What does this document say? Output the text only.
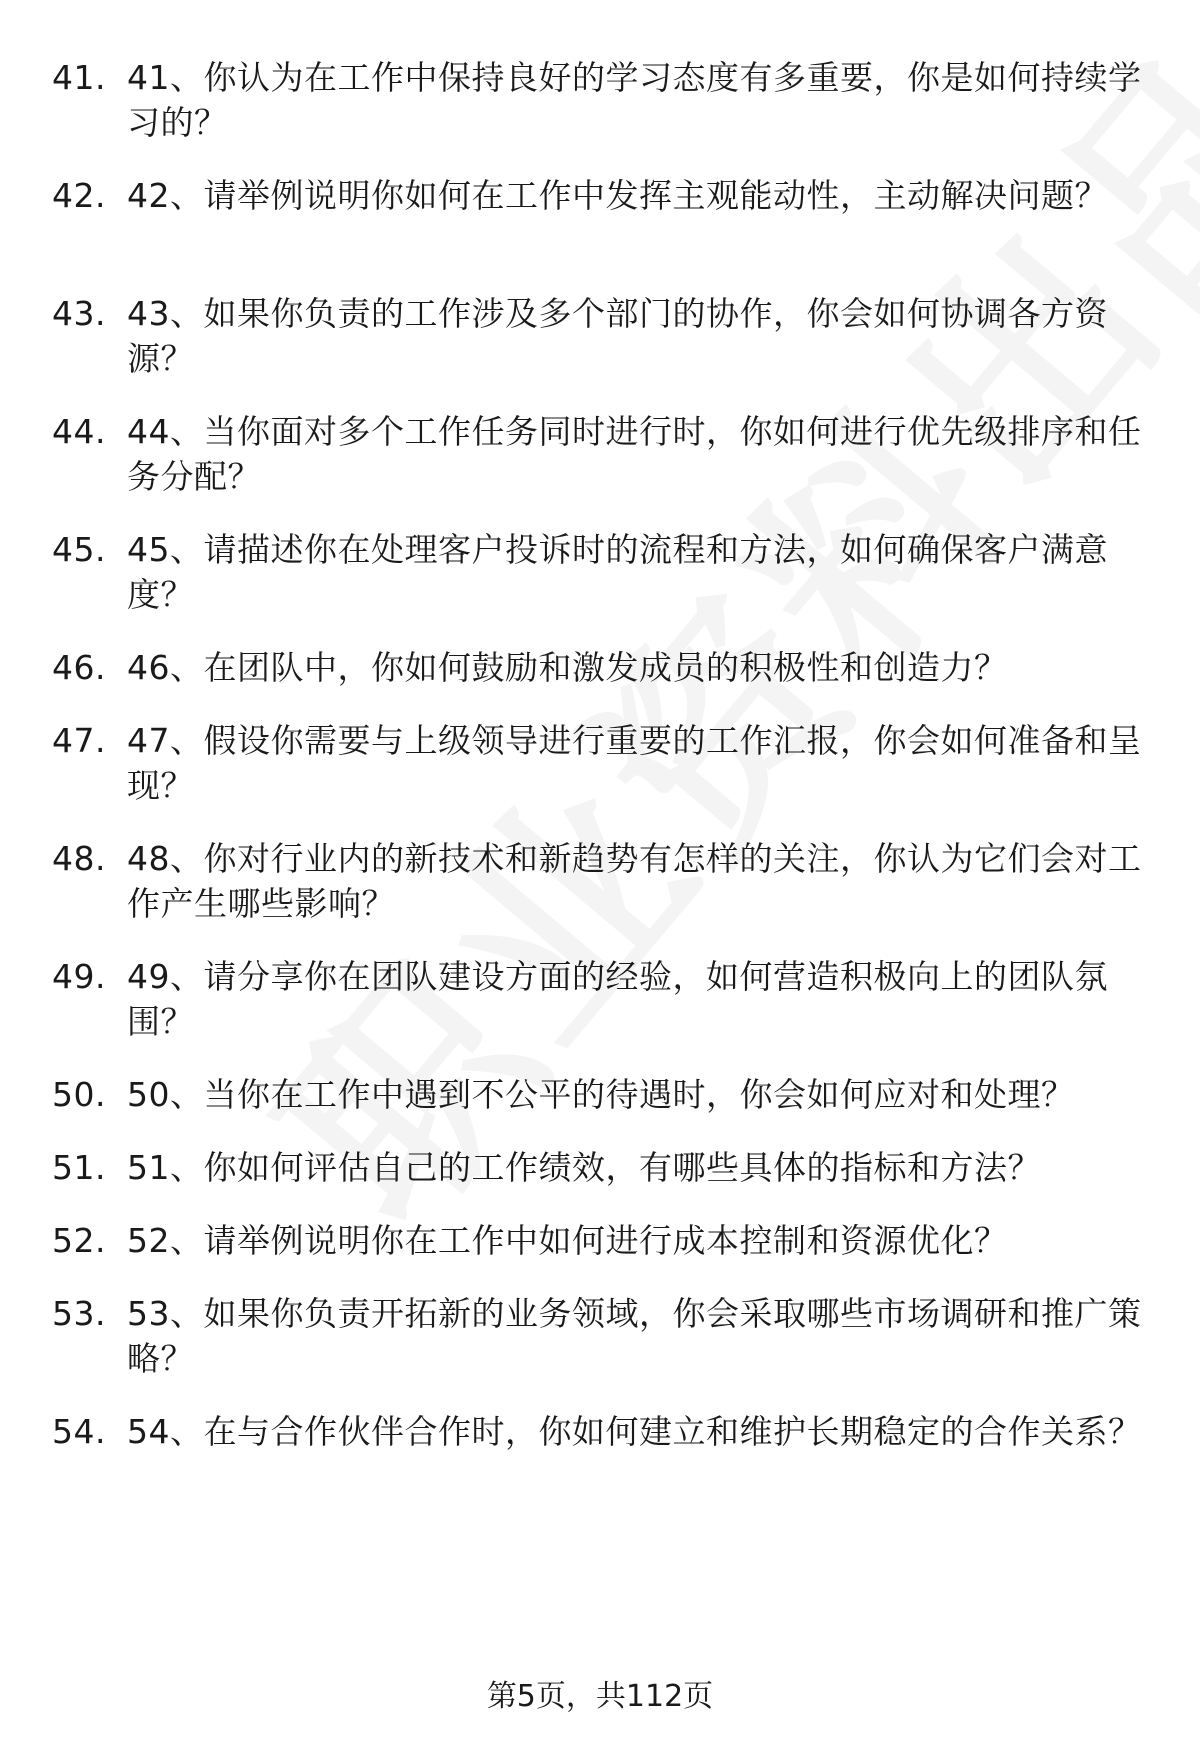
41. 41、你认为在工作中保持良好的学习态度有多重要，你是如何持续学习的？
42. 42、请举例说明你如何在工作中发挥主观能动性，主动解决问题？
43. 43、如果你负责的工作涉及多个部门的协作，你会如何协调各方资源？
44. 44、当你面对多个工作任务同时进行时，你如何进行优先级排序和任务分配？
45. 45、请描述你在处理客户投诉时的流程和方法，如何确保客户满意度？
46. 46、在团队中，你如何鼓励和激发成员的积极性和创造力？
47. 47、假设你需要与上级领导进行重要的工作汇报，你会如何准备和呈现？
48. 48、你对行业内的新技术和新趋势有怎样的关注，你认为它们会对工作产生哪些影响？
49. 49、请分享你在团队建设方面的经验，如何营造积极向上的团队氛围？
50. 50、当你在工作中遇到不公平的待遇时，你会如何应对和处理？
51. 51、你如何评估自己的工作绩效，有哪些具体的指标和方法？
52. 52、请举例说明你在工作中如何进行成本控制和资源优化？
53. 53、如果你负责开拓新的业务领域，你会采取哪些市场调研和推广策略？
54. 54、在与合作伙伴合作时，你如何建立和维护长期稳定的合作关系？
第5页，共112页
